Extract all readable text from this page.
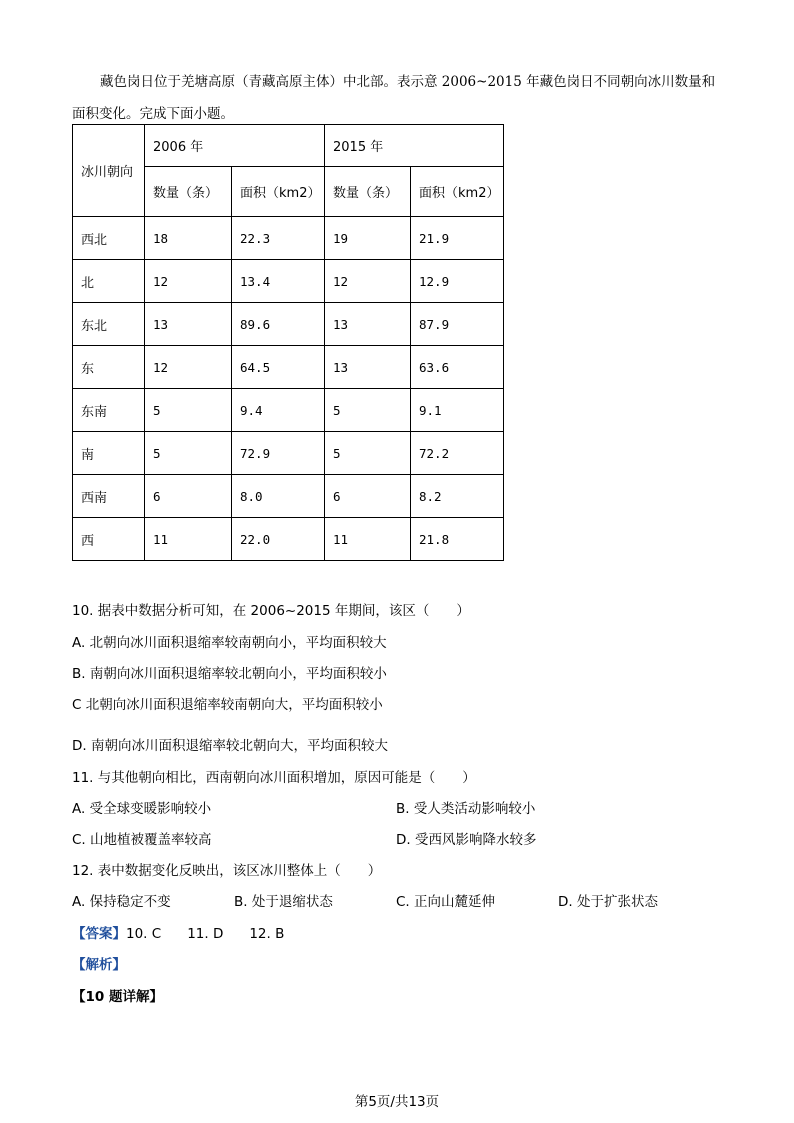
藏色岗日位于羌塘高原（青藏高原主体）中北部。表示意 2006~2015 年藏色岗日不同朝向冰川数量和
面积变化。完成下面小题。
冰川朝向	2006 年		2015 年	
	数量（条）	面积（km2）	数量（条）	面积（km2）
西北	18	22.3	19	21.9
北	12	13.4	12	12.9
东北	13	89.6	13	87.9
东	12	64.5	13	63.6
东南	5	9.4	5	9.1
南	5	72.9	5	72.2
西南	6	8.0	6	8.2
西	11	22.0	11	21.8
10. 据表中数据分析可知，在 2006~2015 年期间，该区（　　）
A. 北朝向冰川面积退缩率较南朝向小，平均面积较大
B. 南朝向冰川面积退缩率较北朝向小，平均面积较小
C 北朝向冰川面积退缩率较南朝向大，平均面积较小
D. 南朝向冰川面积退缩率较北朝向大，平均面积较大
11. 与其他朝向相比，西南朝向冰川面积增加，原因可能是（　　）
A. 受全球变暖影响较小	B. 受人类活动影响较小
C. 山地植被覆盖率较高	D. 受西风影响降水较多
12. 表中数据变化反映出，该区冰川整体上（　　）
A. 保持稳定不变	B. 处于退缩状态	C. 正向山麓延伸	D. 处于扩张状态
【答案】10. C 11. D 12. B
【解析】
【10 题详解】
第5页/共13页
